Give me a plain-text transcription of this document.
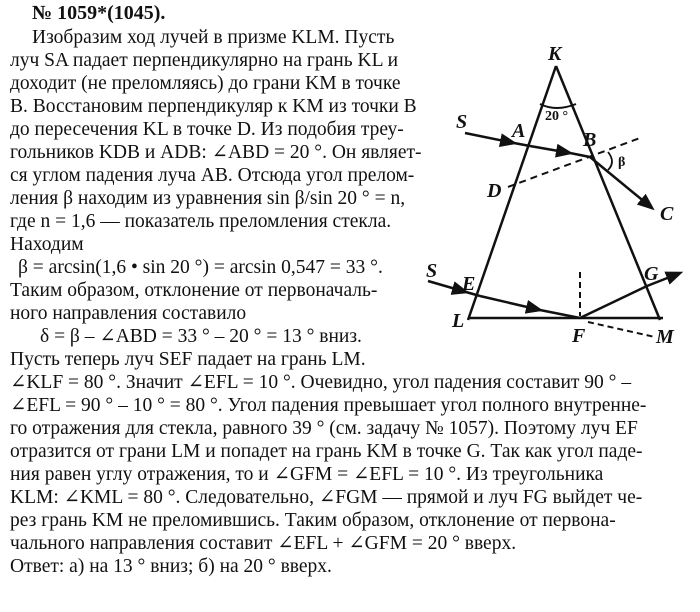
№ 1059*(1045).
Изобразим ход лучей в призме KLM. Пусть
луч SA падает перпендикулярно на грань KL и
доходит (не преломляясь) до грани KM в точке
B. Восстановим перпендикуляр к KM из точки B
до пересечения KL в точке D. Из подобия треу-
гольников KDB и ADB: ∠ABD = 20 °. Он являет-
ся углом падения луча AB. Отсюда угол прелом-
ления β находим из уравнения sin β/sin 20 ° = n,
где n = 1,6 — показатель преломления стекла.
Находим
β = arcsin(1,6 • sin 20 °) = arcsin 0,547 = 33 °.
Таким образом, отклонение от первоначаль-
ного направления составило
δ = β – ∠ABD = 33 ° – 20 ° = 13 ° вниз.
Пусть теперь луч SEF падает на грань LM.
∠KLF = 80 °. Значит ∠EFL = 10 °. Очевидно, угол падения составит 90 ° –
∠EFL = 90 ° – 10 ° = 80 °. Угол падения превышает угол полного внутренне-
го отражения для стекла, равного 39 ° (см. задачу № 1057). Поэтому луч EF
отразится от грани LM и попадет на грань KM в точке G. Так как угол паде-
ния равен углу отражения, то и ∠GFM = ∠EFL = 10 °. Из треугольника
KLM: ∠KML = 80 °. Следовательно, ∠FGM — прямой и луч FG выйдет че-
рез грань KM не преломившись. Таким образом, отклонение от первона-
чального направления составит ∠EFL + ∠GFM = 20 ° вверх.
Ответ: а) на 13 ° вниз; б) на 20 ° вверх.
K
20 °
S A	B
β
D
C
S
E	G
L
F	M
